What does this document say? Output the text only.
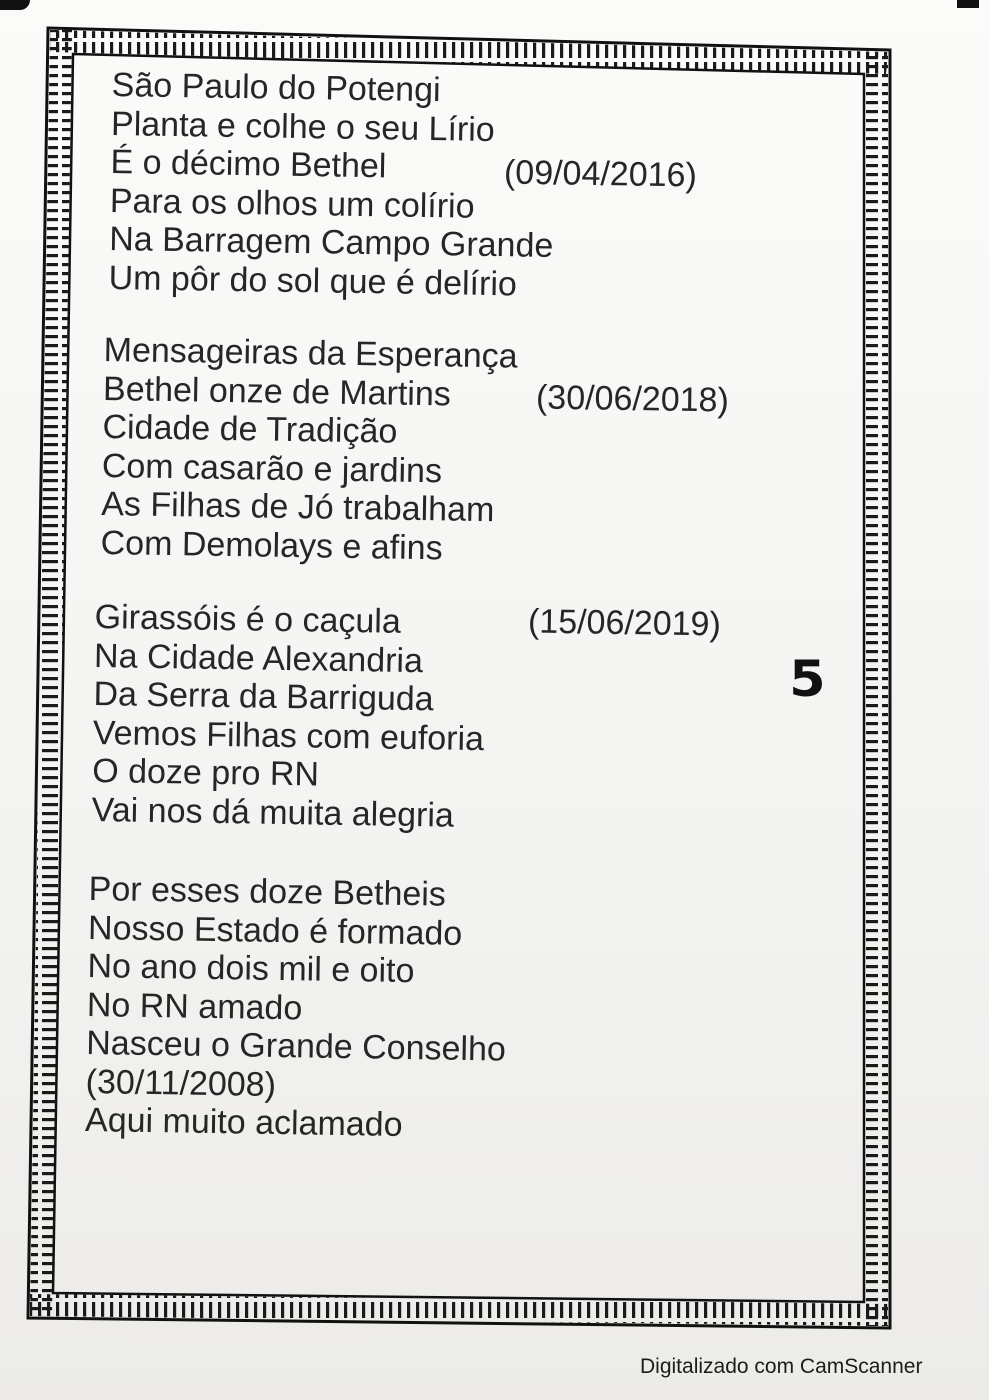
São Paulo do Potengi
Planta e colhe o seu Lírio
É o décimo Bethel
Para os olhos um colírio
Na Barragem Campo Grande
Um pôr do sol que é delírio
(09/04/2016)
Mensageiras da Esperança
Bethel onze de Martins
Cidade de Tradição
Com casarão e jardins
As Filhas de Jó trabalham
Com Demolays e afins
(30/06/2018)
Girassóis é o caçula
Na Cidade Alexandria
Da Serra da Barriguda
Vemos Filhas com euforia
O doze pro RN
Vai nos dá muita alegria
(15/06/2019)
Por esses doze Betheis
Nosso Estado é formado
No ano dois mil e oito
No RN amado
Nasceu o Grande Conselho
(30/11/2008)
Aqui muito aclamado
5
Digitalizado com CamScanner
